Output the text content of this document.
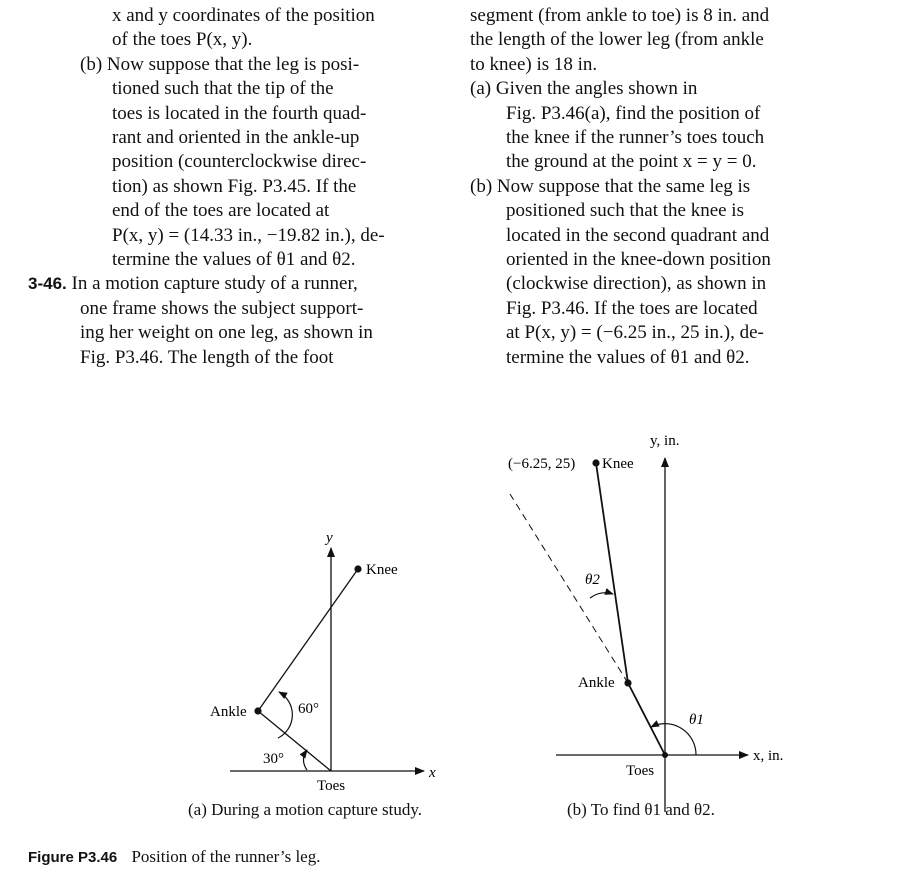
x and y coordinates of the position

of the toes P(x, y).

(b) Now suppose that the leg is posi-
tioned such that the tip of the
toes is located in the fourth quad-
rant and oriented in the ankle-up
position (counterclockwise direc-
tion) as shown Fig. P3.45. If the
end of the toes are located at
P(x, y) = (14.33 in., −19.82 in.), de-
termine the values of θ1 and θ2.
3-46. In a motion capture study of a runner,
one frame shows the subject support-
ing her weight on one leg, as shown in
Fig. P3.46. The length of the foot

segment (from ankle to toe) is 8 in. and

the length of the lower leg (from ankle

to knee) is 18 in.

(a) Given the angles shown in
Fig. P3.46(a), find the position of
the knee if the runner’s toes touch
the ground at the point x = y = 0.
(b) Now suppose that the same leg is
positioned such that the knee is
located in the second quadrant and
oriented in the knee-down position
(clockwise direction), as shown in
Fig. P3.46. If the toes are located
at P(x, y) = (−6.25 in., 25 in.), de-
termine the values of θ1 and θ2.
y
x
Knee
Ankle	60°
30°
Toes
y, in.
x, in.
(−6.25, 25) Knee
θ2
Ankle
θ1
Toes
(a) During a motion capture study.	(b) To find θ1 and θ2.
Figure P3.46 Position of the runner’s leg.
